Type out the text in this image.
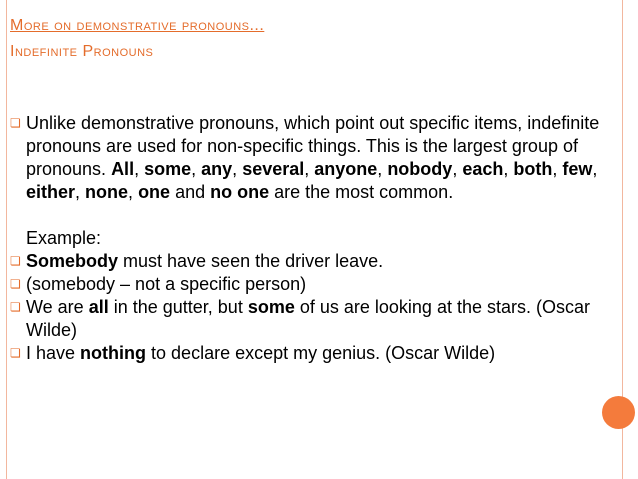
More on demonstrative pronouns...
Indefinite Pronouns
❏ Unlike demonstrative pronouns, which point out specific items, indefinite pronouns are used for non-specific things. This is the largest group of pronouns. All, some, any, several, anyone, nobody, each, both, few, either, none, one and no one are the most common.
Example:
❏ Somebody must have seen the driver leave.
❏ (somebody – not a specific person)
❏ We are all in the gutter, but some of us are looking at the stars. (Oscar Wilde)
❏ I have nothing to declare except my genius. (Oscar Wilde)
